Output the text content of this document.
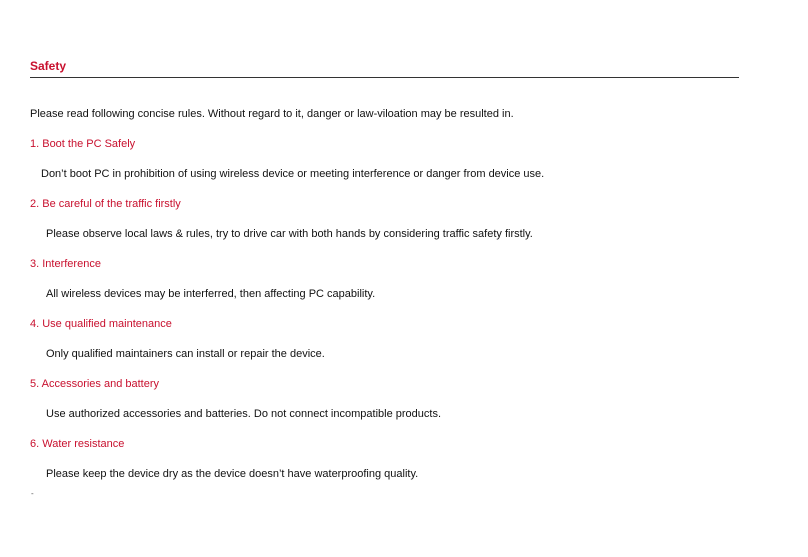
Safety

Please read following concise rules. Without regard to it, danger or law-viloation may be resulted in.

1. Boot the PC Safely

Don’t boot PC in prohibition of using wireless device or meeting interference or danger from device use.

2. Be careful of the traffic firstly

Please observe local laws & rules, try to drive car with both hands by considering traffic safety firstly.

3. Interference

All wireless devices may be interferred, then affecting PC capability.

4. Use qualified maintenance

Only qualified maintainers can install or repair the device.

5. Accessories and battery

Use authorized accessories and batteries. Do not connect incompatible products.

6. Water resistance

Please keep the device dry as the device doesn’t have waterproofing quality.

-
